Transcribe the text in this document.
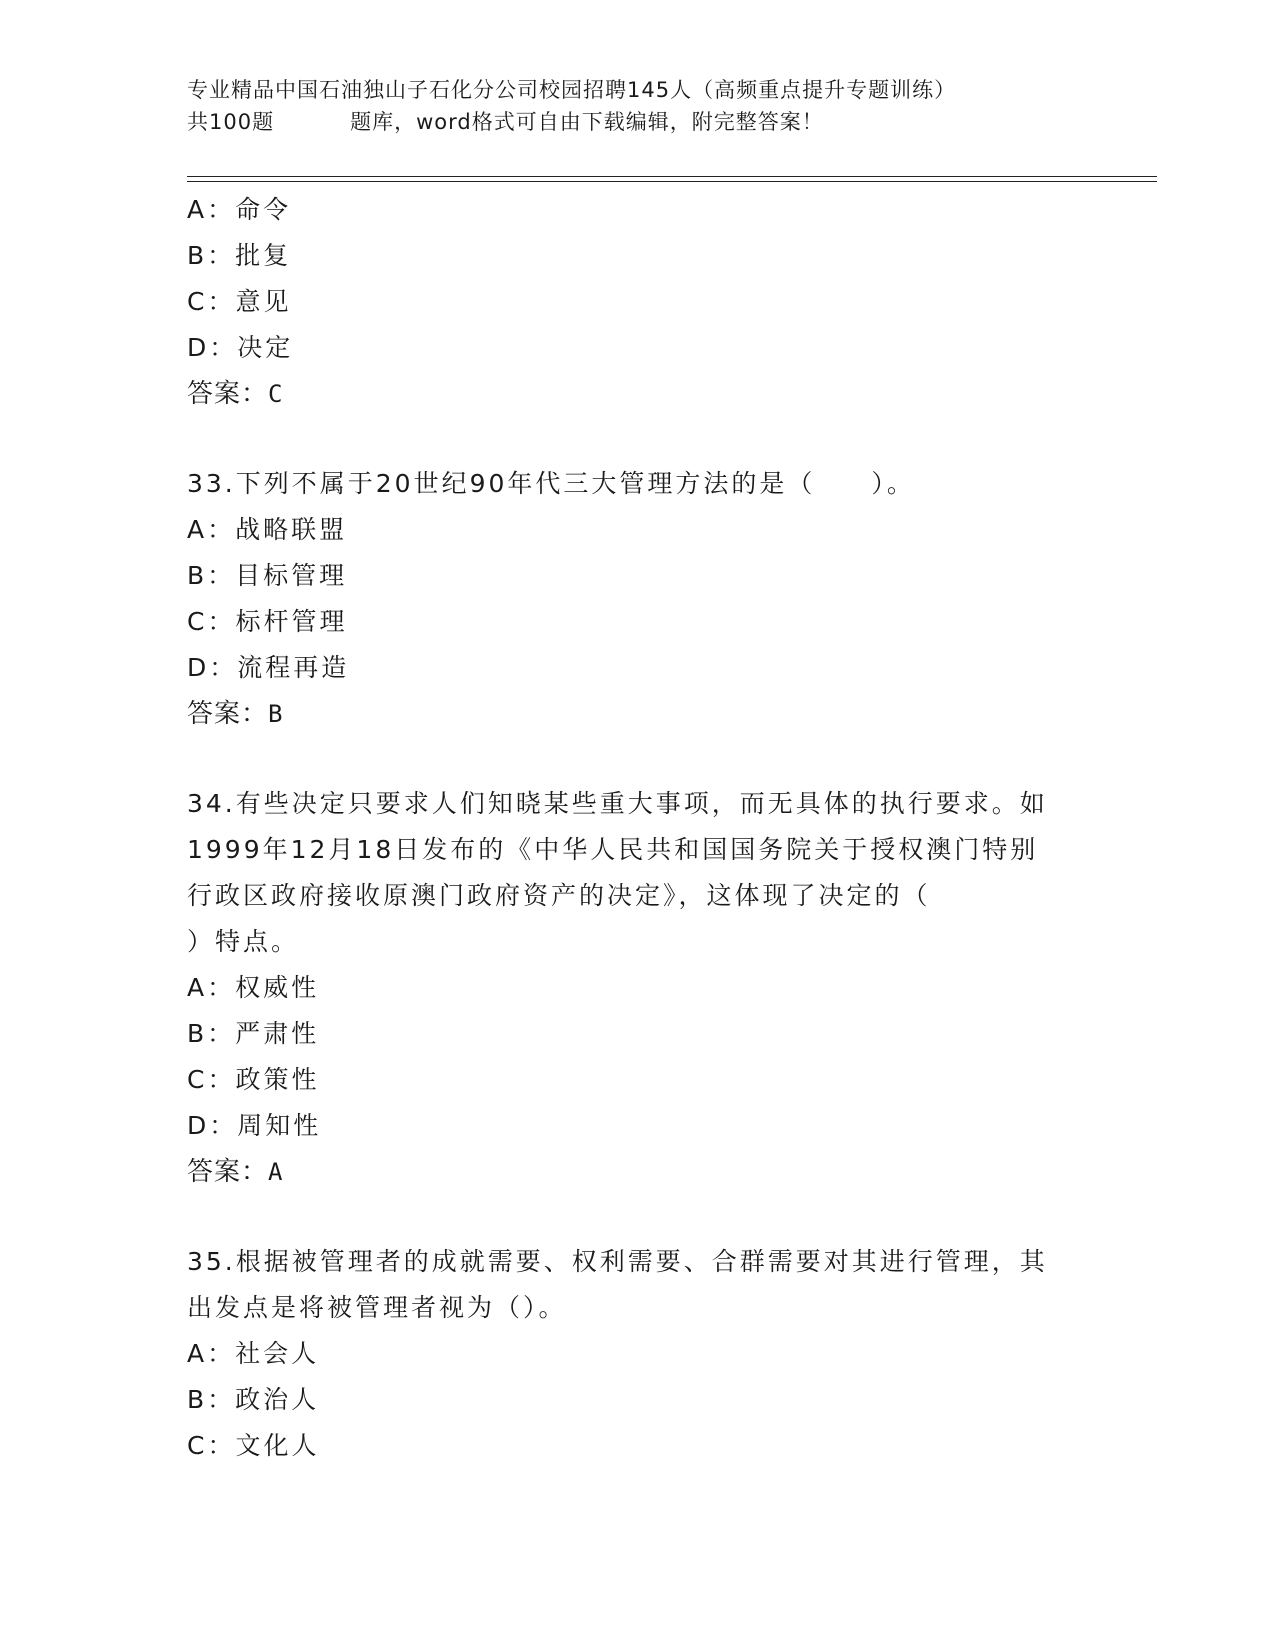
专业精品中国石油独山子石化分公司校园招聘145人（高频重点提升专题训练）
共100题	题库，word格式可自由下载编辑，附完整答案！
A：命令
B：批复
C：意见
D：决定
答案：C
33.下列不属于20世纪90年代三大管理方法的是（　　）。
A：战略联盟
B：目标管理
C：标杆管理
D：流程再造
答案：B
34.有些决定只要求人们知晓某些重大事项，而无具体的执行要求。如
1999年12月18日发布的《中华人民共和国国务院关于授权澳门特别
行政区政府接收原澳门政府资产的决定》，这体现了决定的（
）特点。
A：权威性
B：严肃性
C：政策性
D：周知性
答案：A
35.根据被管理者的成就需要、权利需要、合群需要对其进行管理，其
出发点是将被管理者视为（）。
A：社会人
B：政治人
C：文化人
